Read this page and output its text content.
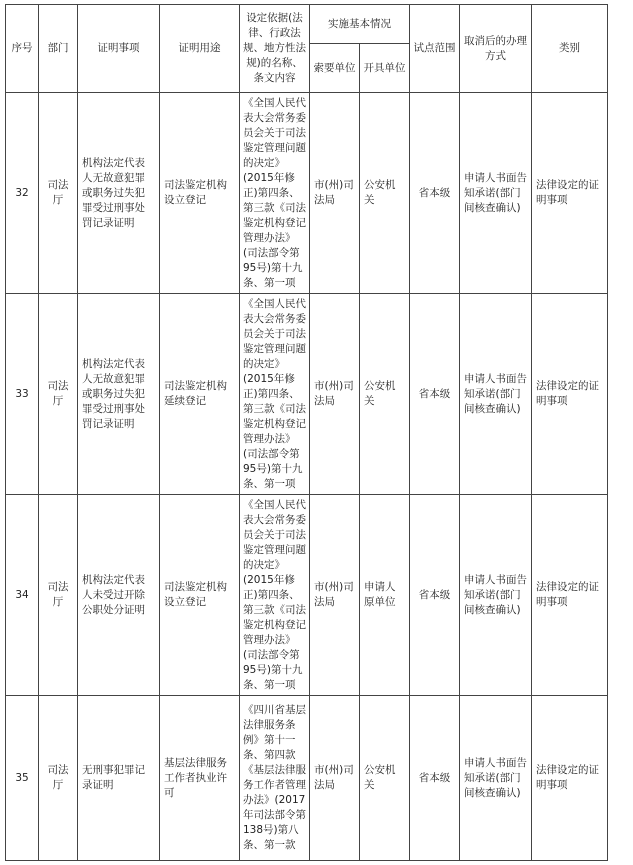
序号	部门	证明事项	证明用途	设定依据(法律、行政法规、地方性法规)的名称、条文内容	实施基本情况		试点范围	取消后的办理方式	类别
					索要单位	开具单位			
32	司法厅	机构法定代表人无故意犯罪或职务过失犯罪受过刑事处罚记录证明	司法鉴定机构设立登记	《全国人民代表大会常务委员会关于司法鉴定管理问题的决定》(2015年修正)第四条、第三款《司法鉴定机构登记管理办法》(司法部令第95号)第十九条、第一项	市(州)司法局	公安机关	省本级	申请人书面告知承诺(部门间核查确认)	法律设定的证明事项
33	司法厅	机构法定代表人无故意犯罪或职务过失犯罪受过刑事处罚记录证明	司法鉴定机构延续登记	《全国人民代表大会常务委员会关于司法鉴定管理问题的决定》(2015年修正)第四条、第三款《司法鉴定机构登记管理办法》(司法部令第95号)第十九条、第一项	市(州)司法局	公安机关	省本级	申请人书面告知承诺(部门间核查确认)	法律设定的证明事项
34	司法厅	机构法定代表人未受过开除公职处分证明	司法鉴定机构设立登记	《全国人民代表大会常务委员会关于司法鉴定管理问题的决定》(2015年修正)第四条、第三款《司法鉴定机构登记管理办法》(司法部令第95号)第十九条、第一项	市(州)司法局	申请人原单位	省本级	申请人书面告知承诺(部门间核查确认)	法律设定的证明事项
35	司法厅	无刑事犯罪记录证明	基层法律服务工作者执业许可	《四川省基层法律服务条例》第十一条、第四款《基层法律服务工作者管理办法》(2017年司法部令第138号)第八条、第一款	市(州)司法局	公安机关	省本级	申请人书面告知承诺(部门间核查确认)	法律设定的证明事项
